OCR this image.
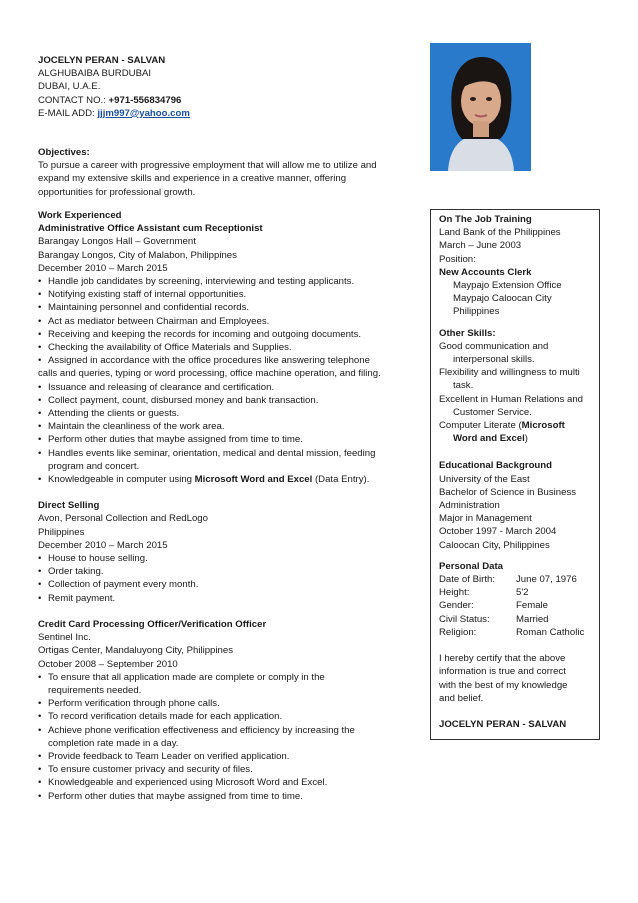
JOCELYN PERAN - SALVAN
ALGHUBAIBA BURDUBAI
DUBAI, U.A.E.
CONTACT NO.: +971-556834796
E-MAIL ADD: jjjm997@yahoo.com
Objectives:
To pursue a career with progressive employment that will allow me to utilize and
expand my extensive skills and experience in a creative manner, offering
opportunities for professional growth.
Work Experienced
Administrative Office Assistant cum Receptionist
Barangay Longos Hall – Government
Barangay Longos, City of Malabon, Philippines
December 2010 – March 2015
• Handle job candidates by screening, interviewing and testing applicants.
• Notifying existing staff of internal opportunities.
• Maintaining personnel and confidential records.
• Act as mediator between Chairman and Employees.
• Receiving and keeping the records for incoming and outgoing documents.
• Checking the availability of Office Materials and Supplies.
• Assigned in accordance with the office procedures like answering telephone
calls and queries, typing or word processing, office machine operation, and filing.
• Issuance and releasing of clearance and certification.
• Collect payment, count, disbursed money and bank transaction.
• Attending the clients or guests.
• Maintain the cleanliness of the work area.
• Perform other duties that maybe assigned from time to time.
• Handles events like seminar, orientation, medical and dental mission, feeding
program and concert.
• Knowledgeable in computer using Microsoft Word and Excel (Data Entry).
Direct Selling
Avon, Personal Collection and RedLogo
Philippines
December 2010 – March 2015
• House to house selling.
• Order taking.
• Collection of payment every month.
• Remit payment.
Credit Card Processing Officer/Verification Officer
Sentinel Inc.
Ortigas Center, Mandaluyong City, Philippines
October 2008 – September 2010
• To ensure that all application made are complete or comply in the
requirements needed.
• Perform verification through phone calls.
• To record verification details made for each application.
• Achieve phone verification effectiveness and efficiency by increasing the
completion rate made in a day.
• Provide feedback to Team Leader on verified application.
• To ensure customer privacy and security of files.
• Knowledgeable and experienced using Microsoft Word and Excel.
• Perform other duties that maybe assigned from time to time.
On The Job Training
Land Bank of the Philippines
March – June 2003
Position:
New Accounts Clerk
Maypajo Extension Office
Maypajo Caloocan City
Philippines
Other Skills:
Good communication and
interpersonal skills.
Flexibility and willingness to multi
task.
Excellent in Human Relations and
Customer Service.
Computer Literate (Microsoft
Word and Excel)
Educational Background
University of the East
Bachelor of Science in Business
Administration
Major in Management
October 1997 - March 2004
Caloocan City, Philippines
Personal Data
Date of Birth:	June 07, 1976
Height:	5'2
Gender:	Female
Civil Status:	Married
Religion:	Roman Catholic
I hereby certify that the above
information is true and correct
with the best of my knowledge
and belief.
JOCELYN PERAN - SALVAN
